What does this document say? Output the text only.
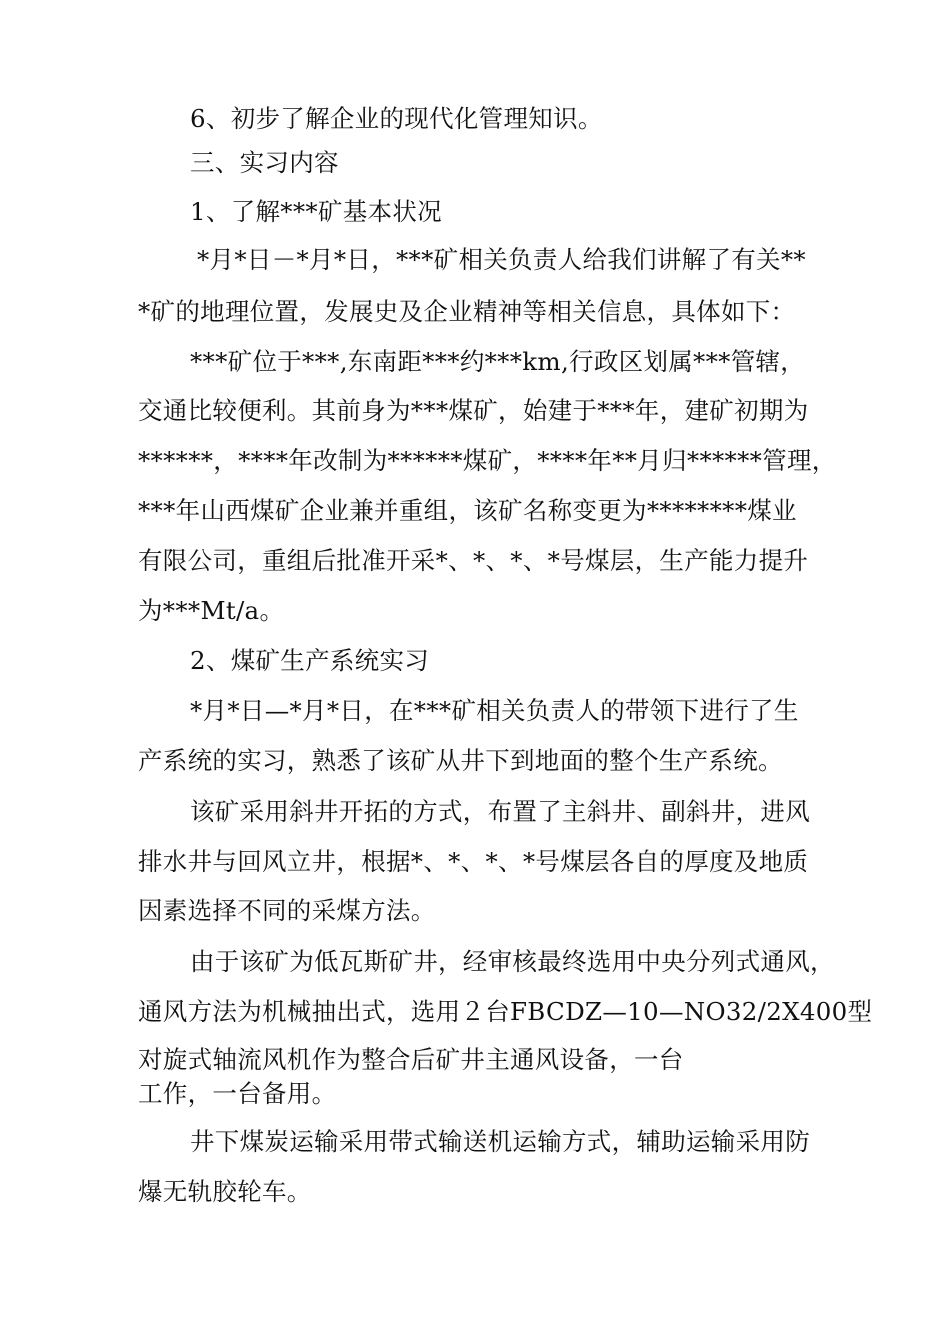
6、初步了解企业的现代化管理知识。
三、实习内容
1、了解***矿基本状况
*月*日－*月*日，***矿相关负责人给我们讲解了有关**
*矿的地理位置，发展史及企业精神等相关信息，具体如下：
***矿位于***,东南距***约***km,行政区划属***管辖，
交通比较便利。其前身为***煤矿，始建于***年，建矿初期为
******，****年改制为******煤矿，****年**月归******管理，
***年山西煤矿企业兼并重组，该矿名称变更为********煤业
有限公司，重组后批准开采*、*、*、*号煤层，生产能力提升
为***Mt/a。
2、煤矿生产系统实习
*月*日—*月*日，在***矿相关负责人的带领下进行了生
产系统的实习，熟悉了该矿从井下到地面的整个生产系统。
该矿采用斜井开拓的方式，布置了主斜井、副斜井，进风
排水井与回风立井，根据*、*、*、*号煤层各自的厚度及地质
因素选择不同的采煤方法。
由于该矿为低瓦斯矿井，经审核最终选用中央分列式通风，
通风方法为机械抽出式，选用２台FBCDZ—10—NO32/2X400型
对旋式轴流风机作为整合后矿井主通风设备，一台
工作，一台备用。
井下煤炭运输采用带式输送机运输方式，辅助运输采用防
爆无轨胶轮车。
